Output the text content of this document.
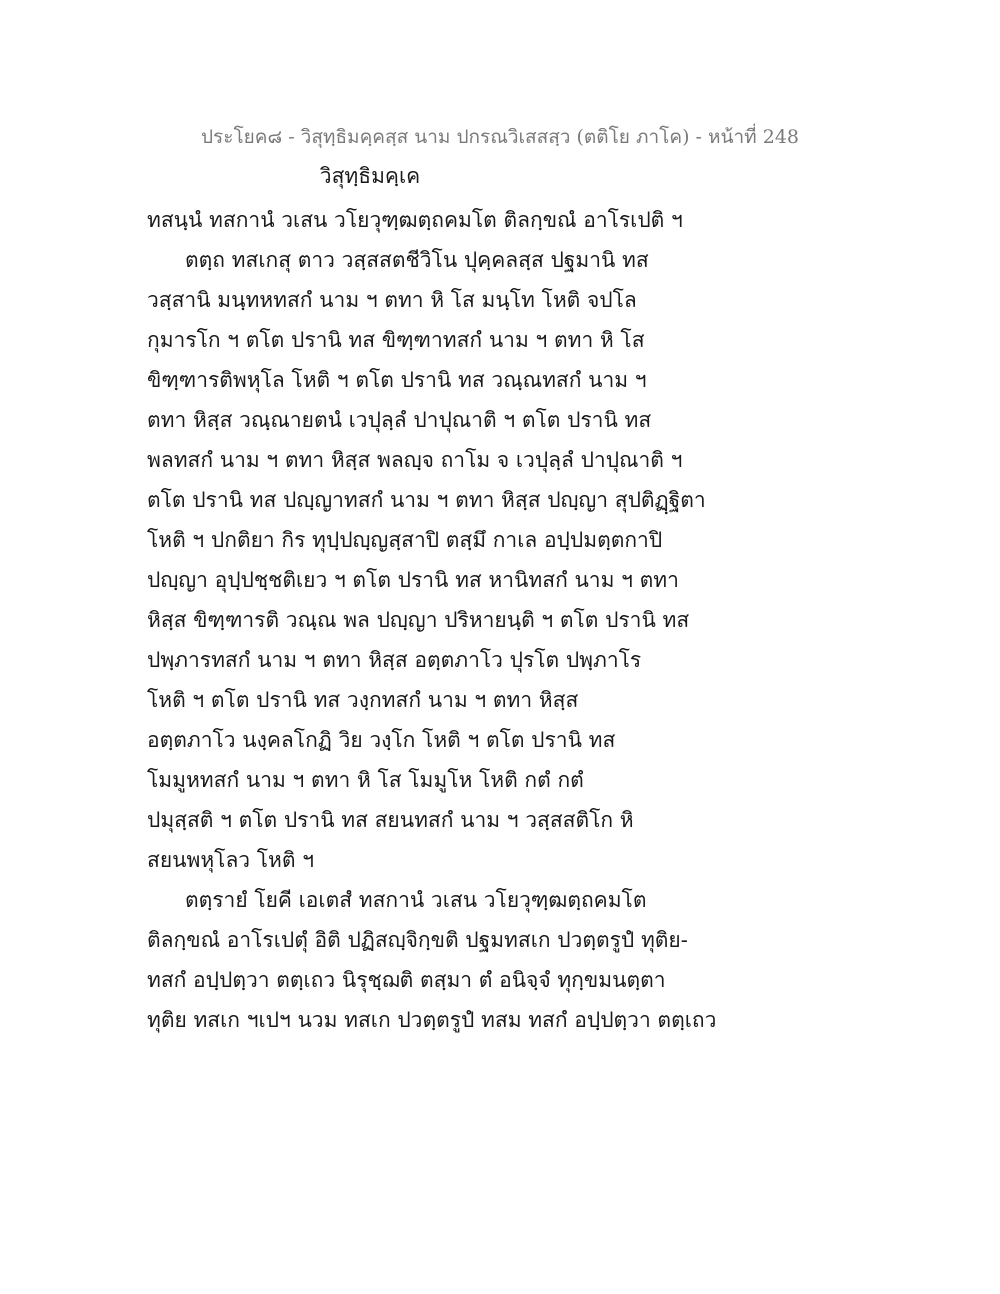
ประโยค๘ - วิสุทฺธิมคฺคสฺส นาม ปกรณวิเสสสฺว (ตติโย ภาโค) - หน้าที่ 248
วิสุทฺธิมคฺเค
ทสนฺนํ ทสกานํ วเสน วโยวุฑฺฒตฺถคมโต ติลกฺขณํ อาโรเปติ ฯ
ตตฺถ ทสเกสุ ตาว วสฺสสตชีวิโน ปุคฺคลสฺส ปฐมานิ ทส
วสฺสานิ มนฺทหทสกํ นาม ฯ ตทา หิ โส มนฺโท โหติ จปโล
กุมารโก ฯ ตโต ปรานิ ทส ขิฑฺฑาทสกํ นาม ฯ ตทา หิ โส
ขิฑฺฑารติพหุโล โหติ ฯ ตโต ปรานิ ทส วณฺณทสกํ นาม ฯ
ตทา หิสฺส วณฺณายตนํ เวปุลฺลํ ปาปุณาติ ฯ ตโต ปรานิ ทส
พลทสกํ นาม ฯ ตทา หิสฺส พลญฺจ ถาโม จ เวปุลฺลํ ปาปุณาติ ฯ
ตโต ปรานิ ทส ปญฺญาทสกํ นาม ฯ ตทา หิสฺส ปญฺญา สุปติฏฺฐิตา
โหติ ฯ ปกติยา กิร ทุปฺปญฺญสฺสาปิ ตสฺมึ กาเล อปฺปมตฺตกาปิ
ปญฺญา อุปฺปชฺชติเยว ฯ ตโต ปรานิ ทส หานิทสกํ นาม ฯ ตทา
หิสฺส ขิฑฺฑารติ วณฺณ พล ปญฺญา ปริหายนฺติ ฯ ตโต ปรานิ ทส
ปพฺภารทสกํ นาม ฯ ตทา หิสฺส อตฺตภาโว ปุรโต ปพฺภาโร
โหติ ฯ ตโต ปรานิ ทส วงฺกทสกํ นาม ฯ ตทา หิสฺส
อตฺตภาโว นงฺคลโกฏิ วิย วงฺโก โหติ ฯ ตโต ปรานิ ทส
โมมูหทสกํ นาม ฯ ตทา หิ โส โมมูโห โหติ กตํ กตํ
ปมุสฺสติ ฯ ตโต ปรานิ ทส สยนทสกํ นาม ฯ วสฺสสติโก หิ
สยนพหุโลว โหติ ฯ
ตตฺรายํ โยคี เอเตสํ ทสกานํ วเสน วโยวุฑฺฒตฺถคมโต
ติลกฺขณํ อาโรเปตุํ อิติ ปฏิสญฺจิกฺขติ ปฐมทสเก ปวตฺตรูปํ ทุติย-
ทสกํ อปฺปตฺวา ตตฺเถว นิรุชฺฌติ ตสฺมา ตํ อนิจฺจํ ทุกฺขมนตฺตา
ทุติย ทสเก ฯเปฯ นวม ทสเก ปวตฺตรูปํ ทสม ทสกํ อปฺปตฺวา ตตฺเถว
